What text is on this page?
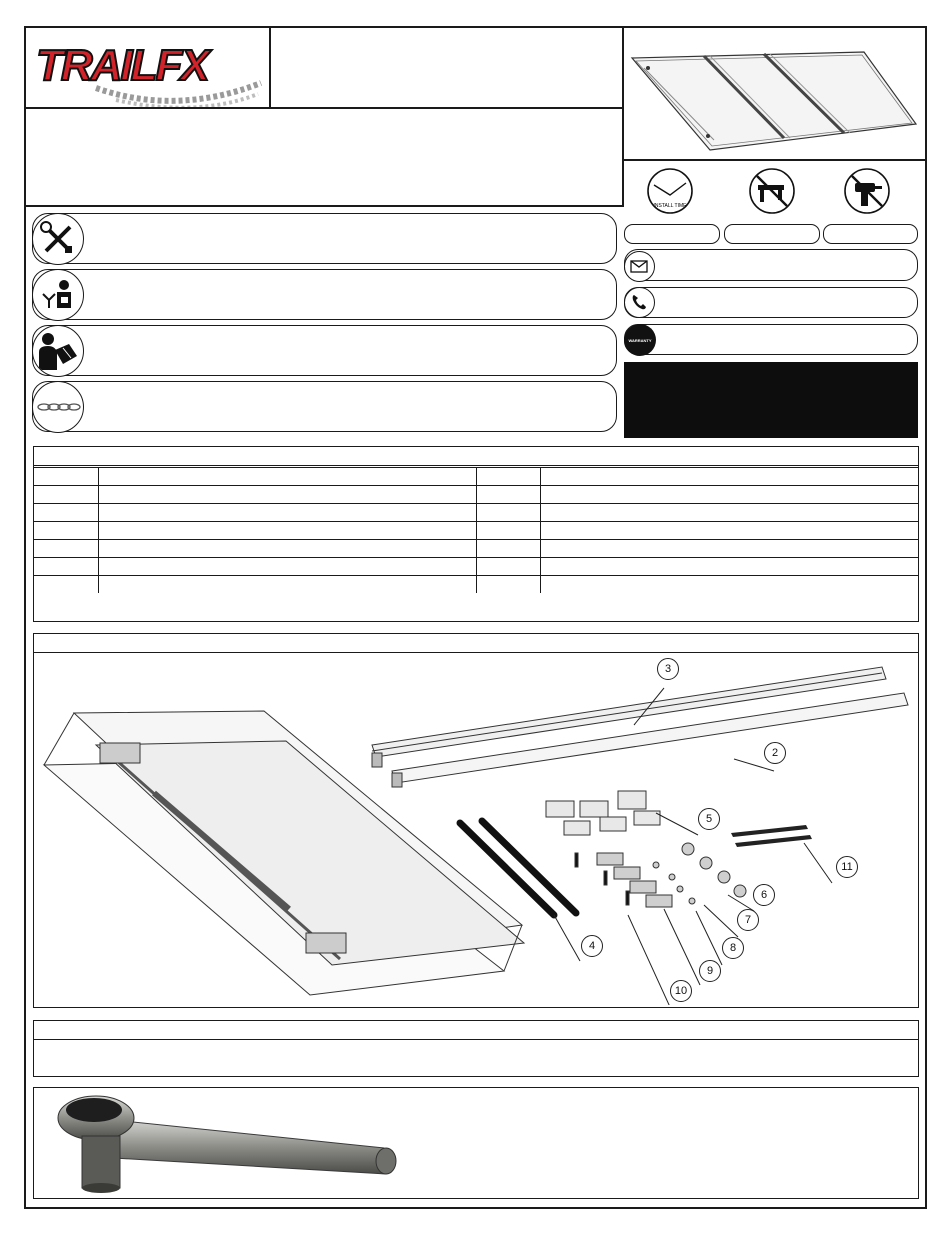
TRAILFX
INSTALL TIME
WARRANTY

3
2
4
5
6
7
8
9
10
11
